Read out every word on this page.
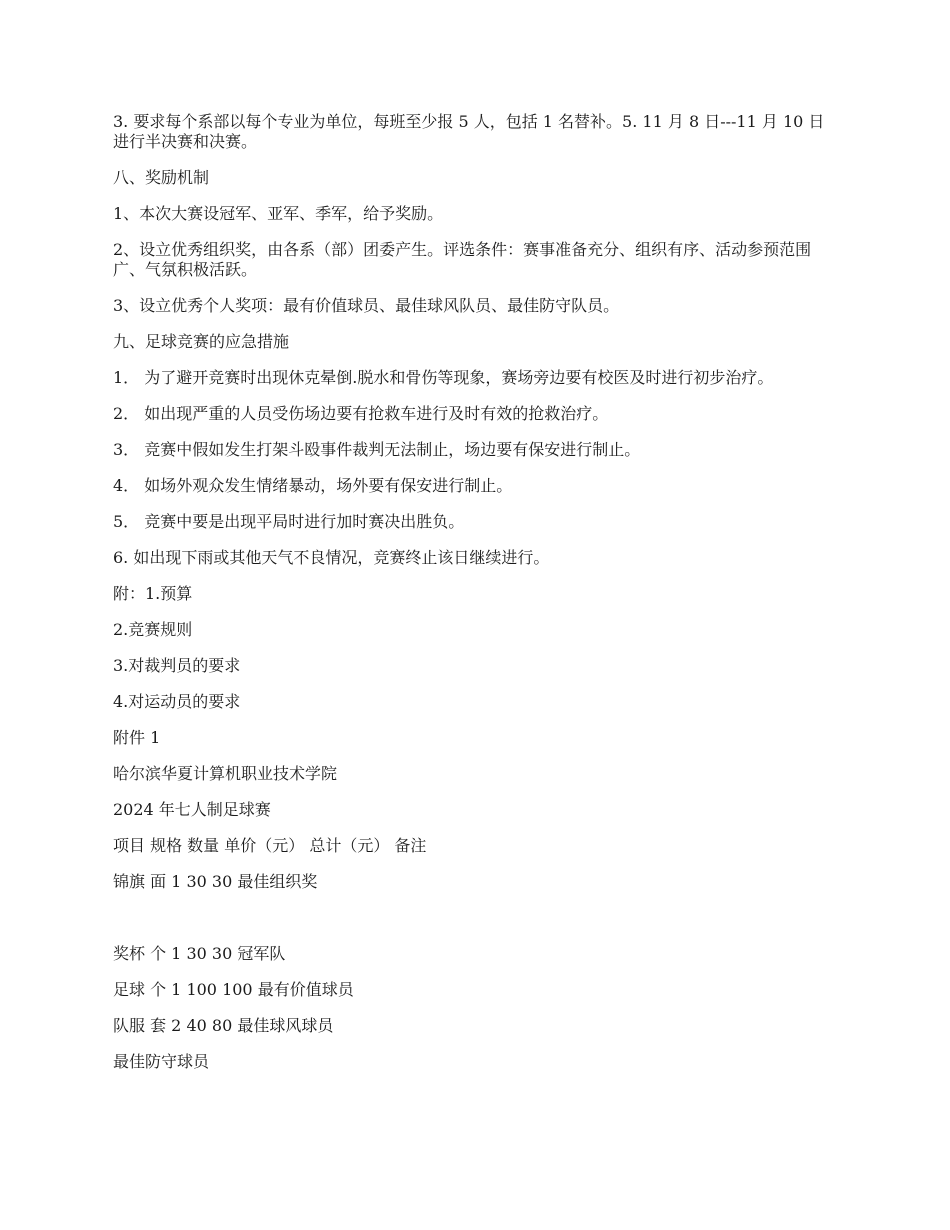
3. 要求每个系部以每个专业为单位，每班至少报 5 人，包括 1 名替补。5. 11 月 8 日---11 月 10 日进行半决赛和决赛。

八、奖励机制

1、本次大赛设冠军、亚军、季军，给予奖励。

2、设立优秀组织奖，由各系（部）团委产生。评选条件：赛事准备充分、组织有序、活动参预范围广、气氛积极活跃。

3、设立优秀个人奖项：最有价值球员、最佳球风队员、最佳防守队员。

九、足球竞赛的应急措施

1． 为了避开竞赛时出现休克晕倒.脱水和骨伤等现象，赛场旁边要有校医及时进行初步治疗。

2． 如出现严重的人员受伤场边要有抢救车进行及时有效的抢救治疗。

3． 竞赛中假如发生打架斗殴事件裁判无法制止，场边要有保安进行制止。

4． 如场外观众发生情绪暴动，场外要有保安进行制止。

5． 竞赛中要是出现平局时进行加时赛决出胜负。

6. 如出现下雨或其他天气不良情况，竞赛终止该日继续进行。

附：1.预算

2.竞赛规则

3.对裁判员的要求

4.对运动员的要求

附件 1

哈尔滨华夏计算机职业技术学院

2024 年七人制足球赛

项目 规格 数量 单价（元） 总计（元） 备注

锦旗 面 1 30 30 最佳组织奖

奖杯 个 1 30 30 冠军队

足球 个 1 100 100 最有价值球员

队服 套 2 40 80 最佳球风球员

最佳防守球员
